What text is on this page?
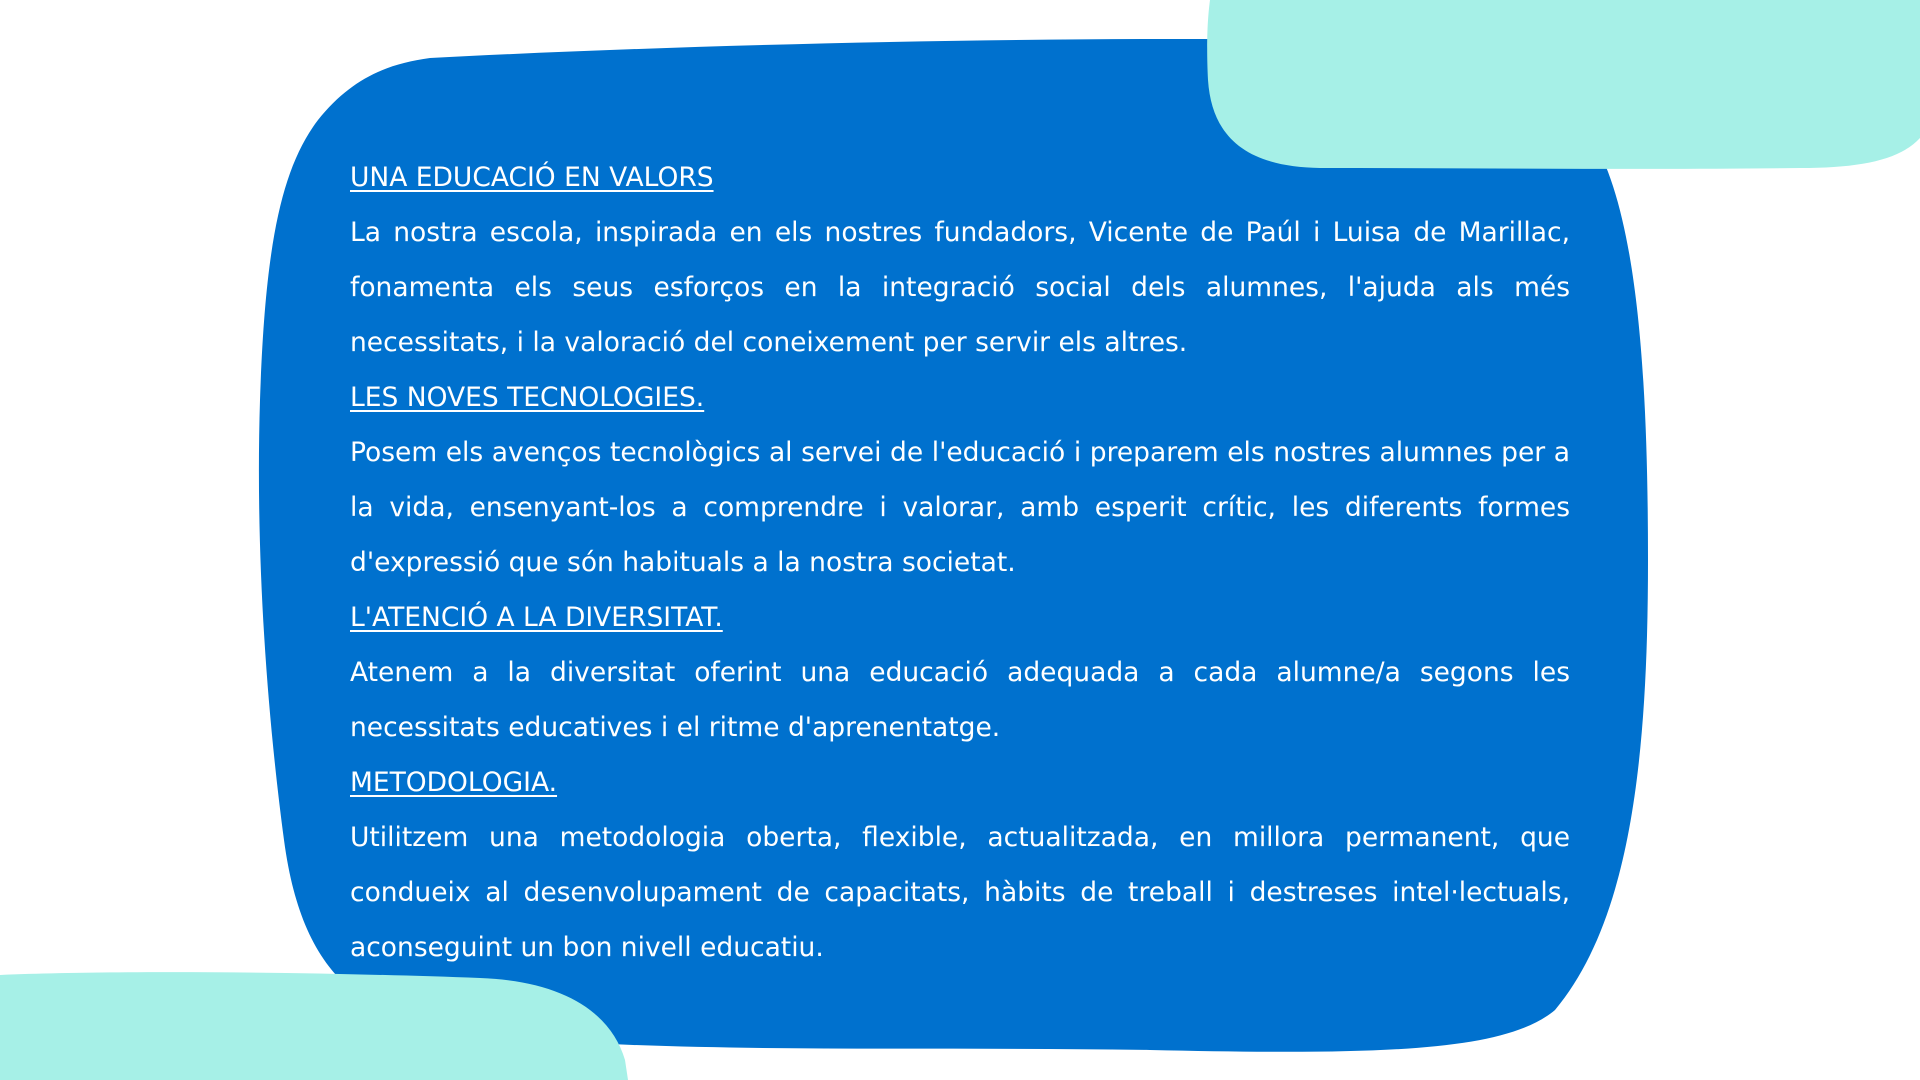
UNA EDUCACIÓ EN VALORS

La nostra escola, inspirada en els nostres fundadors, Vicente de Paúl i Luisa de Marillac, fonamenta els seus esforços en la integració social dels alumnes, l'ajuda als més necessitats, i la valoració del coneixement per servir els altres.

LES NOVES TECNOLOGIES.

Posem els avenços tecnològics al servei de l'educació i preparem els nostres alumnes per a la vida, ensenyant-los a comprendre i valorar, amb esperit crític, les diferents formes d'expressió que són habituals a la nostra societat.

L'ATENCIÓ A LA DIVERSITAT.

Atenem a la diversitat oferint una educació adequada a cada alumne/a segons les necessitats educatives i el ritme d'aprenentatge.

METODOLOGIA.

Utilitzem una metodologia oberta, flexible, actualitzada, en millora permanent, que condueix al desenvolupament de capacitats, hàbits de treball i destreses intel·lectuals, aconseguint un bon nivell educatiu.
